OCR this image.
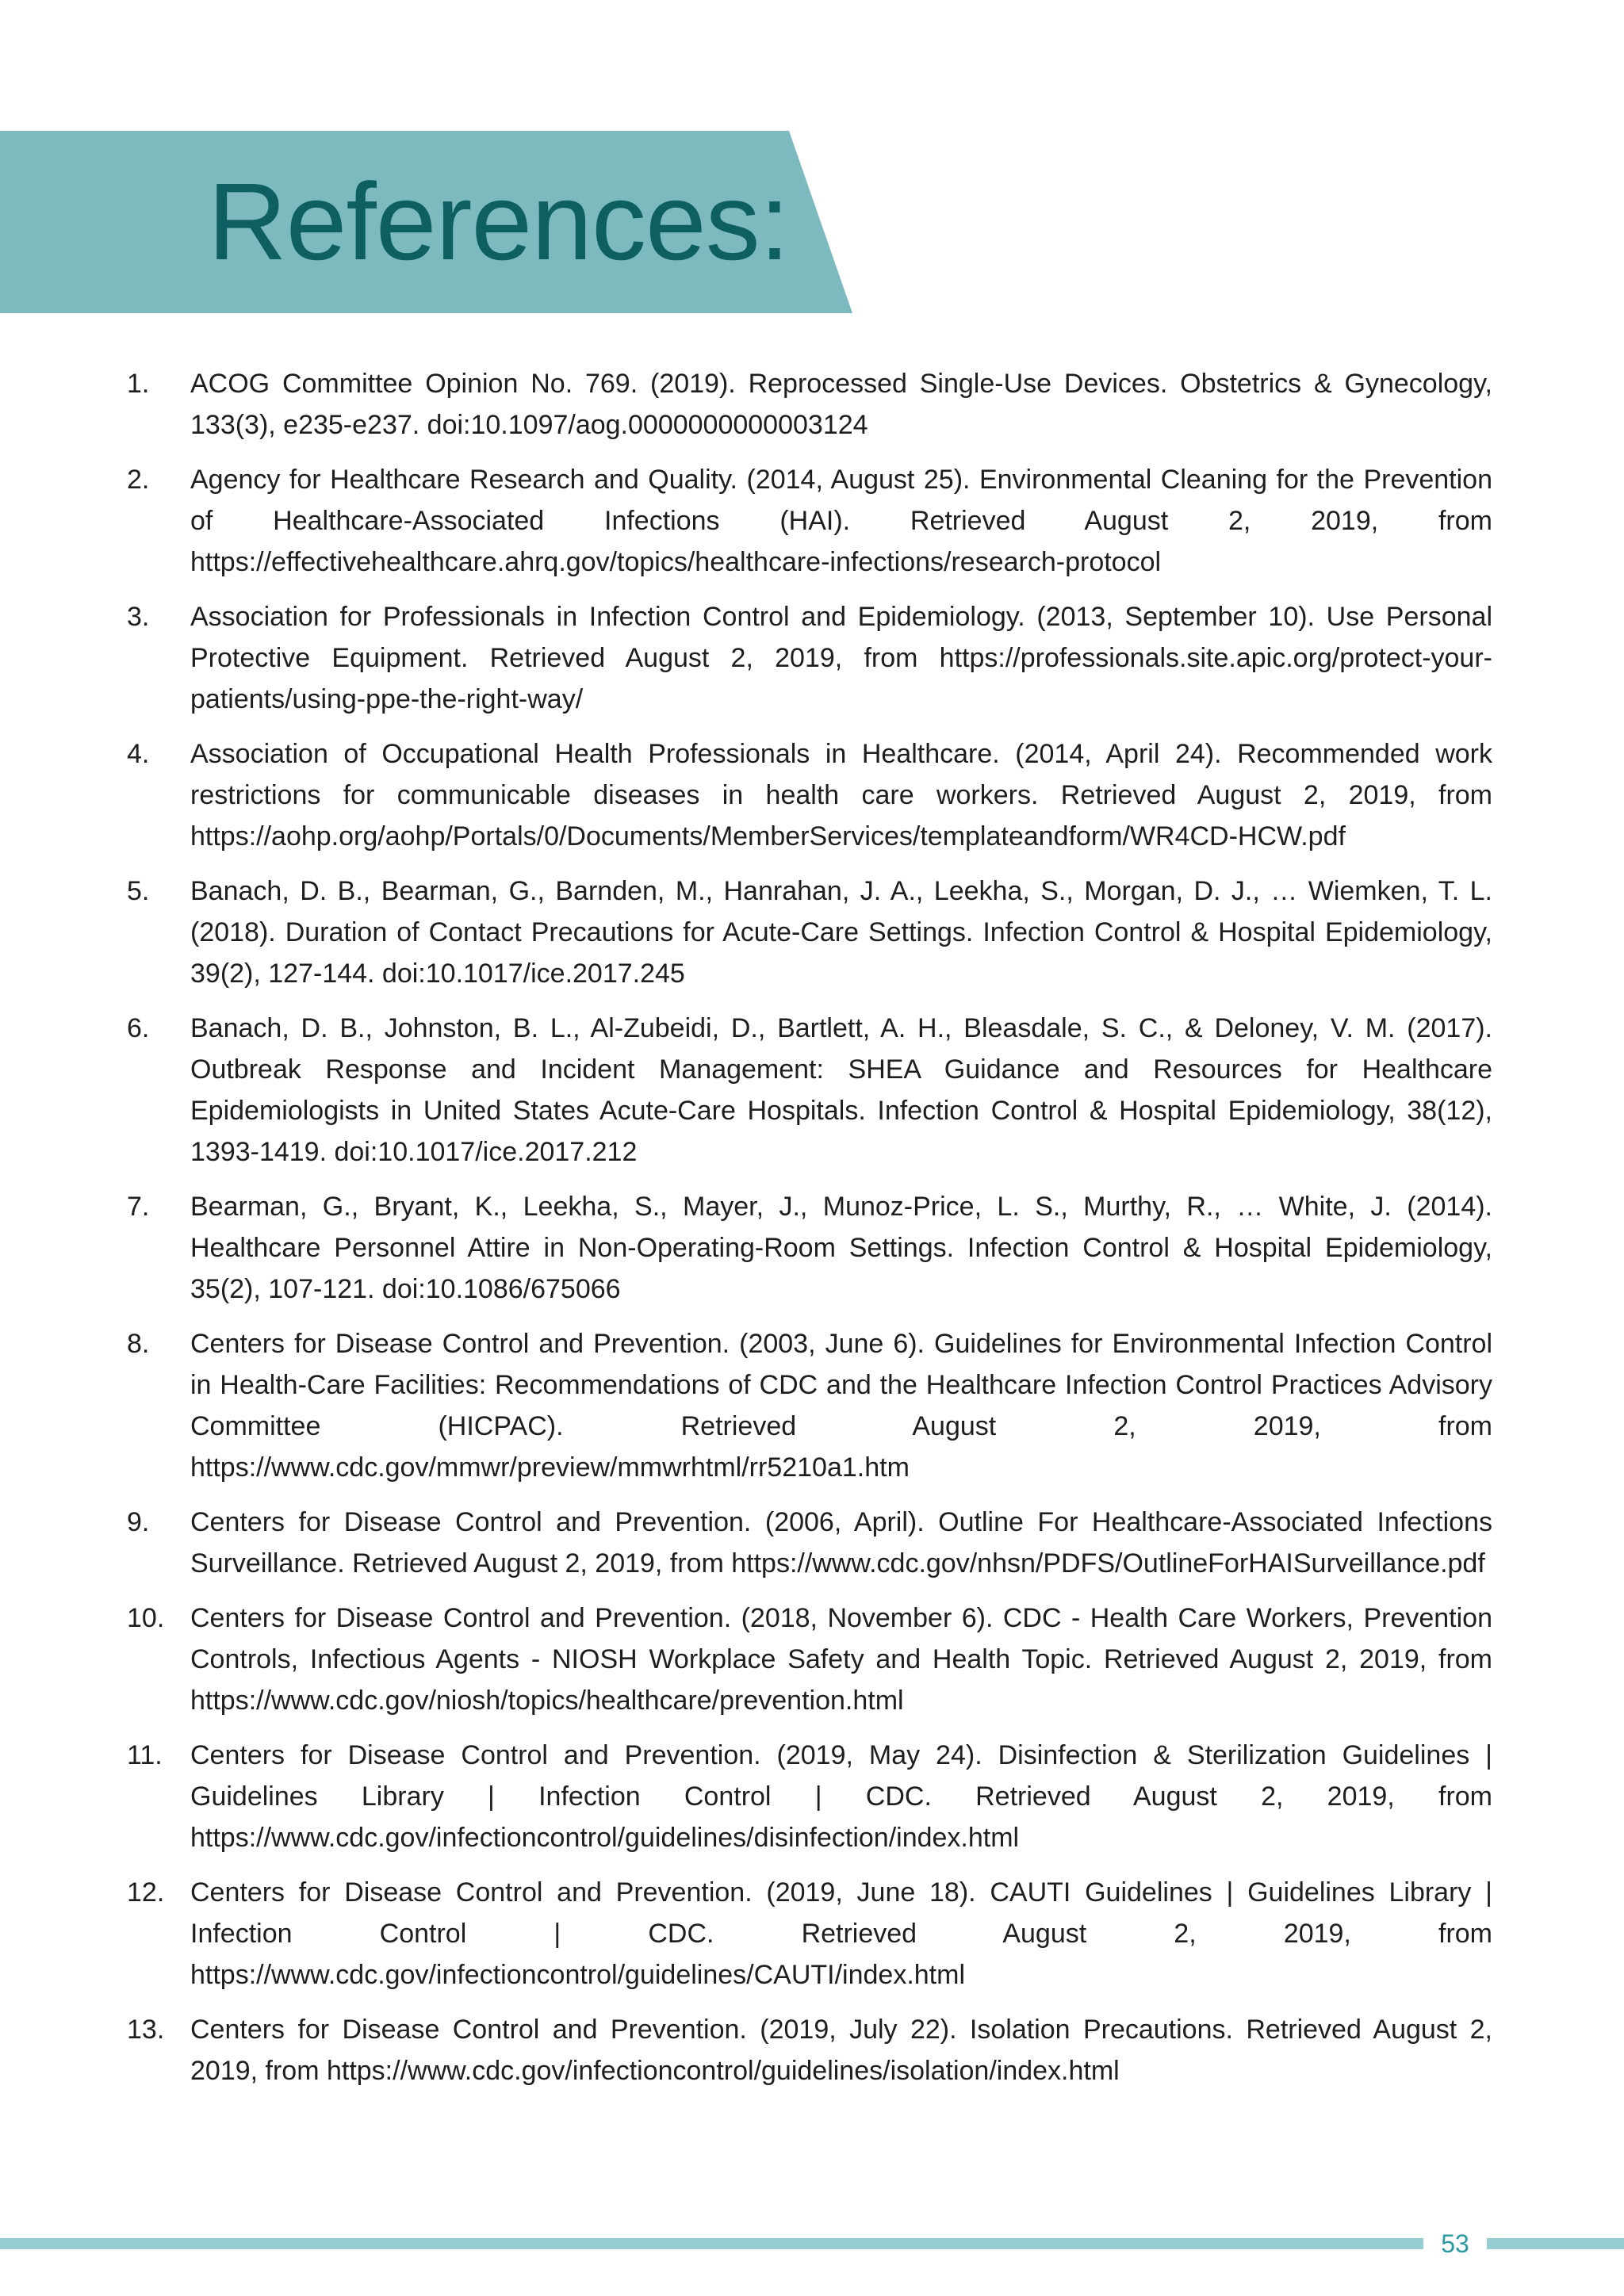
References:
1.	ACOG Committee Opinion No. 769. (2019). Reprocessed Single-Use Devices. Obstetrics & Gynecology, 133(3), e235-e237. doi:10.1097/aog.0000000000003124
2.	Agency for Healthcare Research and Quality. (2014, August 25). Environmental Cleaning for the Prevention of Healthcare-Associated Infections (HAI). Retrieved August 2, 2019, from https://effectivehealthcare.ahrq.gov/topics/healthcare-infections/research-protocol
3.	Association for Professionals in Infection Control and Epidemiology. (2013, September 10). Use Personal Protective Equipment. Retrieved August 2, 2019, from https://professionals.site.apic.org/protect-your-patients/using-ppe-the-right-way/
4.	Association of Occupational Health Professionals in Healthcare. (2014, April 24). Recommended work restrictions for communicable diseases in health care workers. Retrieved August 2, 2019, from https://aohp.org/aohp/Portals/0/Documents/MemberServices/templateandform/WR4CD-HCW.pdf
5.	Banach, D. B., Bearman, G., Barnden, M., Hanrahan, J. A., Leekha, S., Morgan, D. J., … Wiemken, T. L. (2018). Duration of Contact Precautions for Acute-Care Settings. Infection Control & Hospital Epidemiology, 39(2), 127-144. doi:10.1017/ice.2017.245
6.	Banach, D. B., Johnston, B. L., Al-Zubeidi, D., Bartlett, A. H., Bleasdale, S. C., & Deloney, V. M. (2017). Outbreak Response and Incident Management: SHEA Guidance and Resources for Healthcare Epidemiologists in United States Acute-Care Hospitals. Infection Control & Hospital Epidemiology, 38(12), 1393-1419. doi:10.1017/ice.2017.212
7.	Bearman, G., Bryant, K., Leekha, S., Mayer, J., Munoz-Price, L. S., Murthy, R., … White, J. (2014). Healthcare Personnel Attire in Non-Operating-Room Settings. Infection Control & Hospital Epidemiology, 35(2), 107-121. doi:10.1086/675066
8.	Centers for Disease Control and Prevention. (2003, June 6). Guidelines for Environmental Infection Control in Health-Care Facilities: Recommendations of CDC and the Healthcare Infection Control Practices Advisory Committee (HICPAC). Retrieved August 2, 2019, from https://www.cdc.gov/mmwr/preview/mmwrhtml/rr5210a1.htm
9.	Centers for Disease Control and Prevention. (2006, April). Outline For Healthcare-Associated Infections Surveillance. Retrieved August 2, 2019, from https://www.cdc.gov/nhsn/PDFS/OutlineForHAISurveillance.pdf
10. Centers for Disease Control and Prevention. (2018, November 6). CDC - Health Care Workers, Prevention Controls, Infectious Agents - NIOSH Workplace Safety and Health Topic. Retrieved August 2, 2019, from https://www.cdc.gov/niosh/topics/healthcare/prevention.html
11.	Centers for Disease Control and Prevention. (2019, May 24). Disinfection & Sterilization Guidelines | Guidelines Library | Infection Control | CDC. Retrieved August 2, 2019, from https://www.cdc.gov/infectioncontrol/guidelines/disinfection/index.html
12. Centers for Disease Control and Prevention. (2019, June 18). CAUTI Guidelines | Guidelines Library | Infection Control | CDC. Retrieved August 2, 2019, from https://www.cdc.gov/infectioncontrol/guidelines/CAUTI/index.html
13. Centers for Disease Control and Prevention. (2019, July 22). Isolation Precautions. Retrieved August 2, 2019, from https://www.cdc.gov/infectioncontrol/guidelines/isolation/index.html
53
